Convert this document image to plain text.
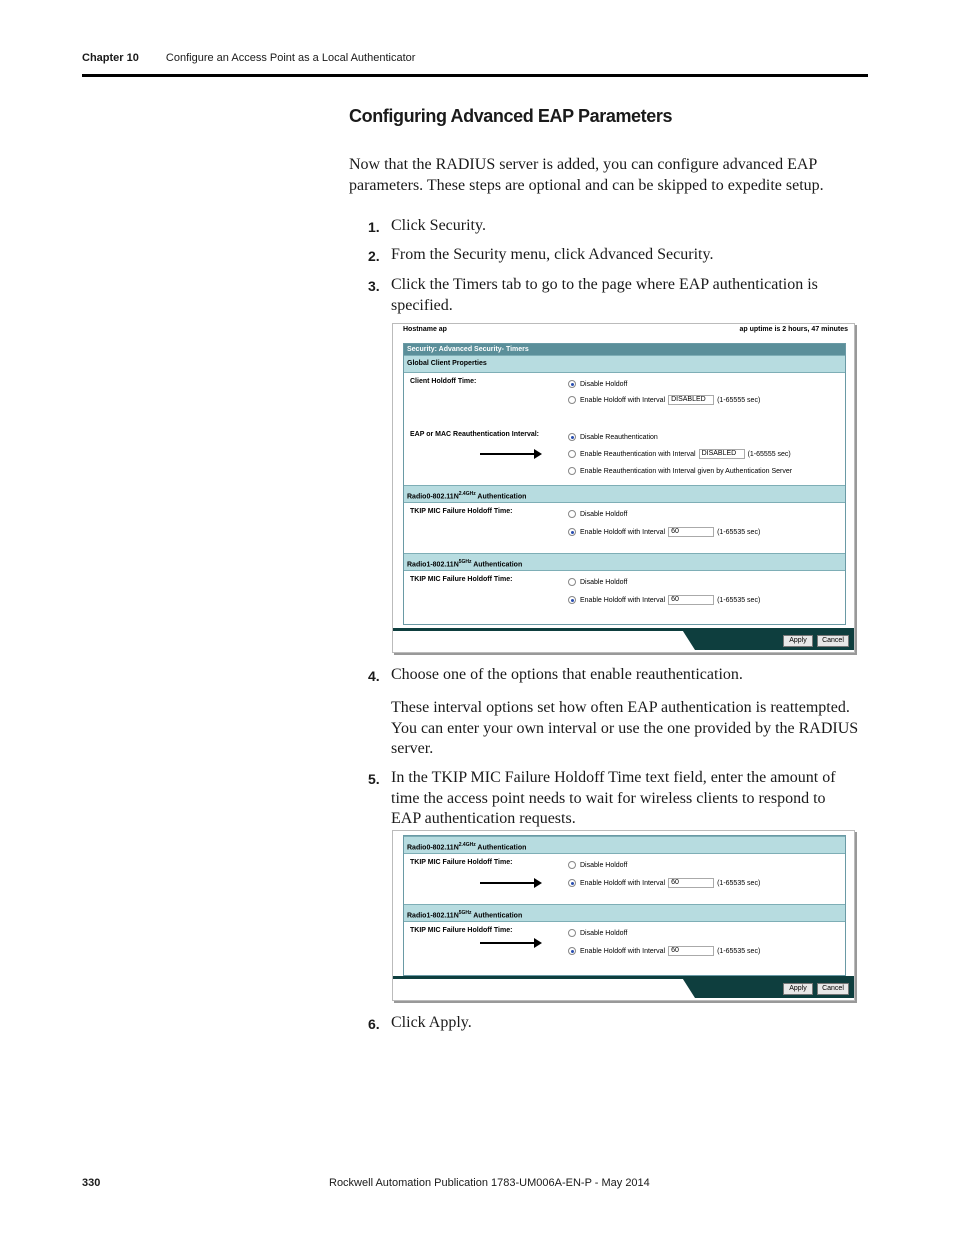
Chapter 10 Configure an Access Point as a Local Authenticator
Configuring Advanced EAP Parameters
Now that the RADIUS server is added, you can configure advanced EAP parameters. These steps are optional and can be skipped to expedite setup.
1. Click Security.
2. From the Security menu, click Advanced Security.
3. Click the Timers tab to go to the page where EAP authentication is specified.
Hostname ap	ap uptime is 2 hours, 47 minutes
Security: Advanced Security- Timers
Global Client Properties
Client Holdoff Time:	Disable Holdoff
Enable Holdoff with Interval DISABLED (1-65555 sec)
EAP or MAC Reauthentication Interval:	Disable Reauthentication
Enable Reauthentication with Interval DISABLED (1-65555 sec)
Enable Reauthentication with Interval given by Authentication Server
$Radio0-802.11N^{2.4GHz}$ Authentication
TKIP MIC Failure Holdoff Time:	Disable Holdoff
Enable Holdoff with Interval 60	(1-65535 sec)
$Radio1-802.11N^{5GHz}$ Authentication
TKIP MIC Failure Holdoff Time:	Disable Holdoff
Enable Holdoff with Interval 60	(1-65535 sec)
Apply	Cancel
4. Choose one of the options that enable reauthentication.
These interval options set how often EAP authentication is reattempted. You can enter your own interval or use the one provided by the RADIUS server.
5. In the TKIP MIC Failure Holdoff Time text field, enter the amount of time the access point needs to wait for wireless clients to respond to EAP authentication requests.
$Radio0-802.11N^{2.4GHz}$ Authentication
TKIP MIC Failure Holdoff Time:	Disable Holdoff
Enable Holdoff with Interval 60	(1-65535 sec)
$Radio1-802.11N^{5GHz}$ Authentication
TKIP MIC Failure Holdoff Time:	Disable Holdoff
Enable Holdoff with Interval 60	(1-65535 sec)
Apply	Cancel
6. Click Apply.
330	Rockwell Automation Publication 1783-UM006A-EN-P - May 2014
